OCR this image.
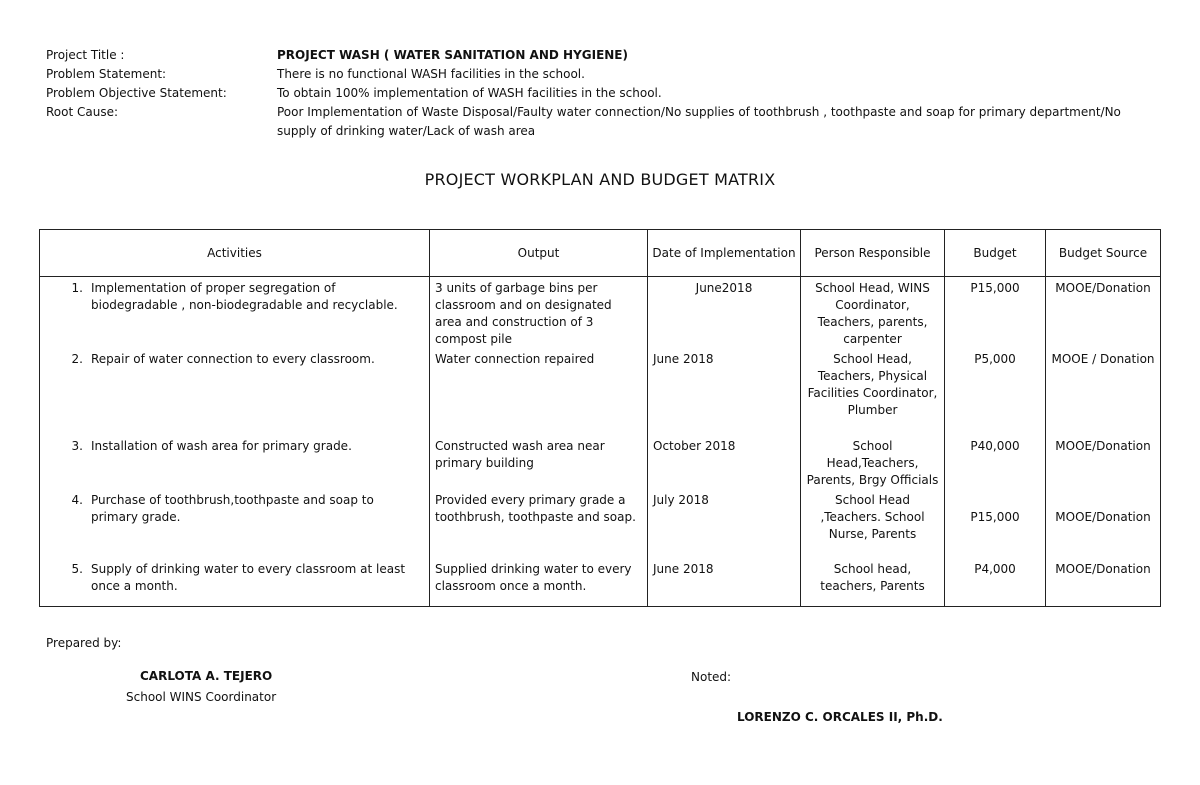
Project Title :	PROJECT WASH ( WATER SANITATION AND HYGIENE)
Problem Statement:	There is no functional WASH facilities in the school.
Problem Objective Statement:	To obtain 100% implementation of WASH facilities in the school.
Root Cause:	Poor Implementation of Waste Disposal/Faulty water connection/No supplies of toothbrush , toothpaste and soap for primary department/No supply of drinking water/Lack of wash area
PROJECT WORKPLAN AND BUDGET MATRIX
Activities	Output	Date of Implementation	Person Responsible	Budget	Budget Source

1. Implementation of proper segregation of biodegradable , non-biodegradable and recyclable.	3 units of garbage bins per classroom and on designated area and construction of 3 compost pile	June2018	School Head, WINS Coordinator, Teachers, parents, carpenter	P15,000	MOOE/Donation

2. Repair of water connection to every classroom.	Water connection repaired	June 2018	School Head, Teachers, Physical Facilities Coordinator, Plumber	P5,000	MOOE / Donation

3. Installation of wash area for primary grade.	Constructed wash area near primary building	October 2018	School Head,Teachers, Parents, Brgy Officials	P40,000	MOOE/Donation

4. Purchase of toothbrush,toothpaste and soap to primary grade.	Provided every primary grade a toothbrush, toothpaste and soap.	July 2018	School Head ,Teachers. School Nurse, Parents	P15,000	MOOE/Donation

5. Supply of drinking water to every classroom at least once a month.	Supplied drinking water to every classroom once a month.	June 2018	School head, teachers, Parents	P4,000	MOOE/Donation
Prepared by:
CARLOTA A. TEJERO
School WINS Coordinator
Noted:
LORENZO C. ORCALES II, Ph.D.
